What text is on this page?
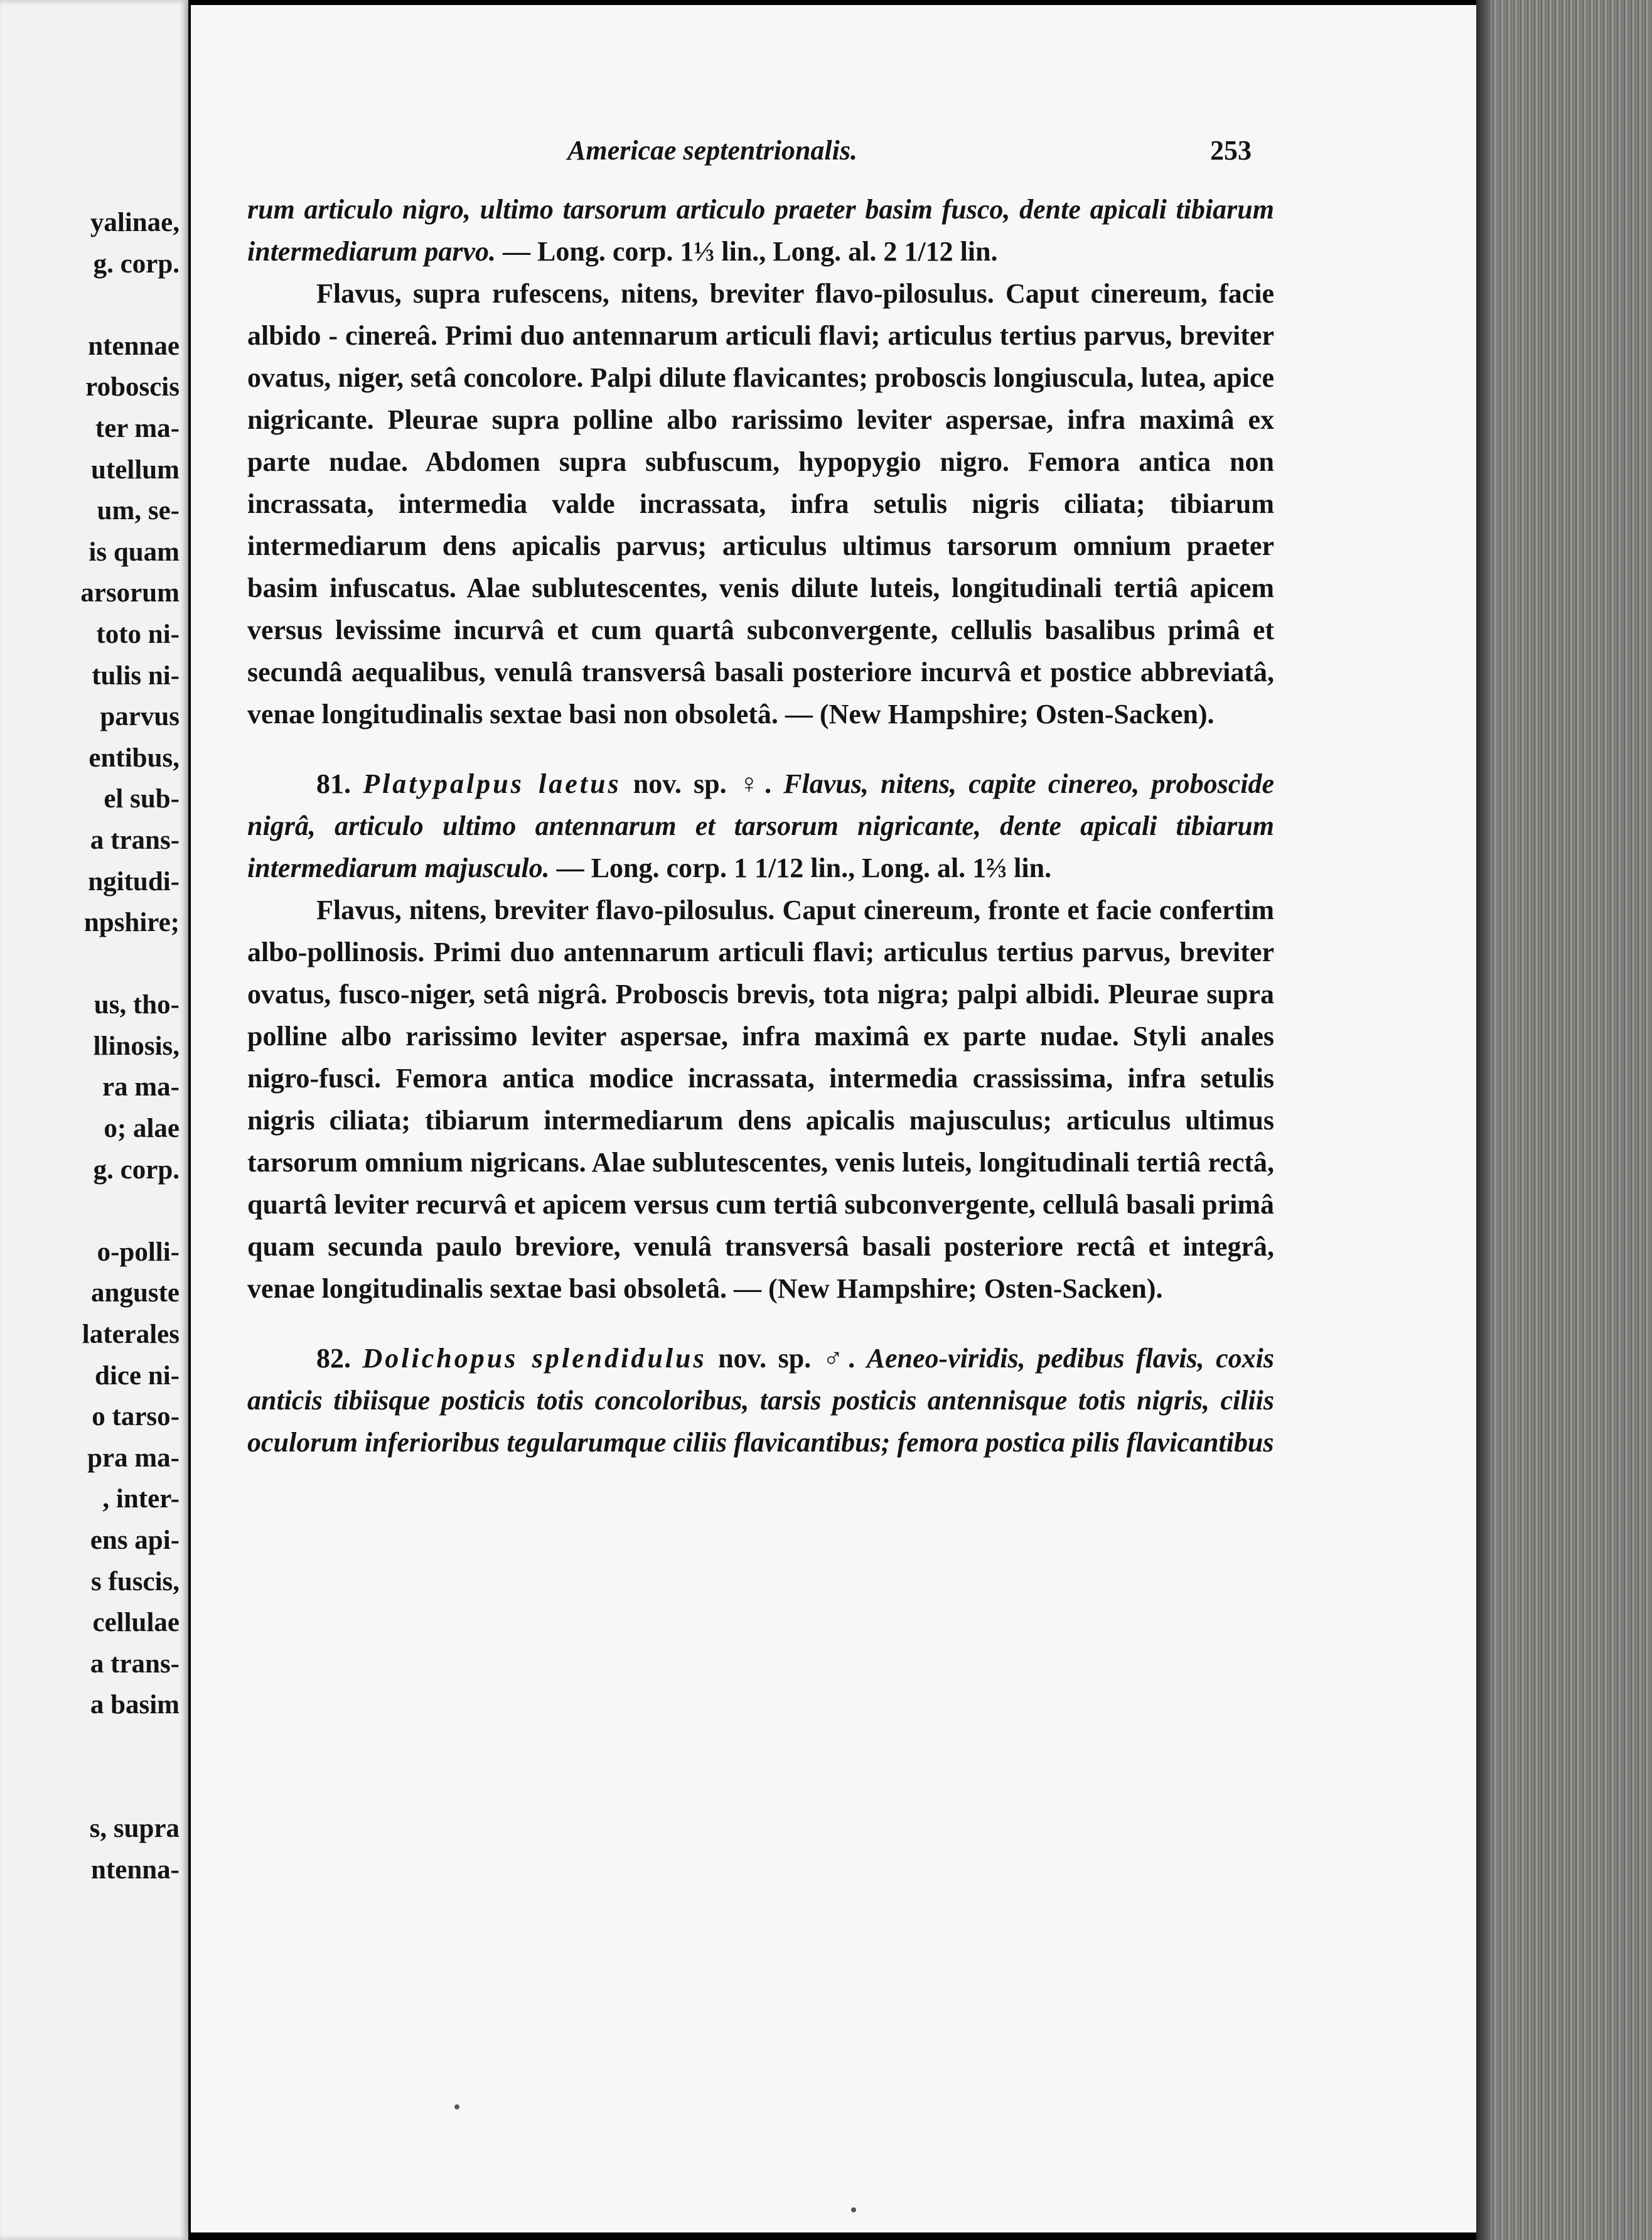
yalinae,
g. corp.
ntennae
roboscis
ter ma-
utellum
um, se-
is quam
arsorum
toto ni-
tulis ni-
parvus
entibus,
el sub-
a trans-
ngitudi-
npshire;
us, tho-
llinosis,
ra ma-
o; alae
g. corp.
o-polli-
anguste
laterales
dice ni-
o tarso-
pra ma-
, inter-
ens api-
s fuscis,
cellulae
a trans-
a basim
s, supra
ntenna-
Americae septentrionalis.	253

rum articulo nigro, ultimo tarsorum articulo praeter basim fusco, dente apicali tibiarum intermediarum parvo. — Long. corp. 1⅓ lin., Long. al. 2 1/12 lin.

Flavus, supra rufescens, nitens, breviter flavo-pilosulus. Caput cinereum, facie albido - cinereâ. Primi duo antennarum articuli flavi; articulus tertius parvus, breviter ovatus, niger, setâ concolore. Palpi dilute flavicantes; proboscis longiuscula, lutea, apice nigricante. Pleurae supra polline albo rarissimo leviter aspersae, infra maximâ ex parte nudae. Abdomen supra subfuscum, hypopygio nigro. Femora antica non incrassata, intermedia valde incrassata, infra setulis nigris ciliata; tibiarum intermediarum dens apicalis parvus; articulus ultimus tarsorum omnium praeter basim infuscatus. Alae sublutescentes, venis dilute luteis, longitudinali tertiâ apicem versus levissime incurvâ et cum quartâ subconvergente, cellulis basalibus primâ et secundâ aequalibus, venulâ transversâ basali posteriore incurvâ et postice abbreviatâ, venae longitudinalis sextae basi non obsoletâ. — (New Hampshire; Osten-Sacken).

81. Platypalpus laetus nov. sp. ♀. Flavus, nitens, capite cinereo, proboscide nigrâ, articulo ultimo antennarum et tarsorum nigricante, dente apicali tibiarum intermediarum majusculo. — Long. corp. 1 1/12 lin., Long. al. 1⅔ lin.

Flavus, nitens, breviter flavo-pilosulus. Caput cinereum, fronte et facie confertim albo-pollinosis. Primi duo antennarum articuli flavi; articulus tertius parvus, breviter ovatus, fusco-niger, setâ nigrâ. Proboscis brevis, tota nigra; palpi albidi. Pleurae supra polline albo rarissimo leviter aspersae, infra maximâ ex parte nudae. Styli anales nigro-fusci. Femora antica modice incrassata, intermedia crassissima, infra setulis nigris ciliata; tibiarum intermediarum dens apicalis majusculus; articulus ultimus tarsorum omnium nigricans. Alae sublutescentes, venis luteis, longitudinali tertiâ rectâ, quartâ leviter recurvâ et apicem versus cum tertiâ subconvergente, cellulâ basali primâ quam secunda paulo breviore, venulâ transversâ basali posteriore rectâ et integrâ, venae longitudinalis sextae basi obsoletâ. — (New Hampshire; Osten-Sacken).

82. Dolichopus splendidulus nov. sp. ♂. Aeneo-viridis, pedibus flavis, coxis anticis tibiisque posticis totis concoloribus, tarsis posticis antennisque totis nigris, ciliis oculorum inferioribus tegularumque ciliis flavicantibus; femora postica pilis flavicantibus
